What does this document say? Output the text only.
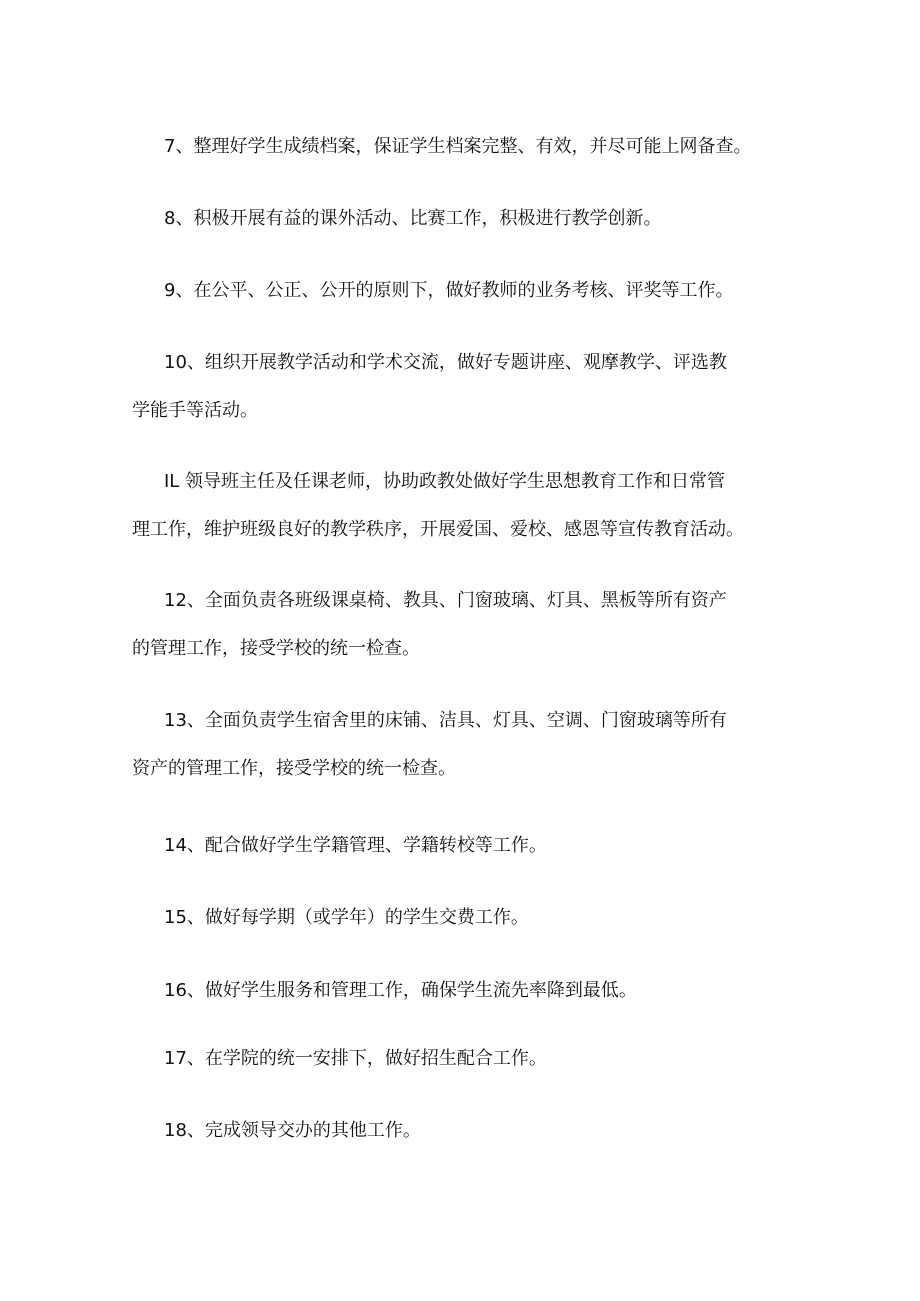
7、整理好学生成绩档案，保证学生档案完整、有效，并尽可能上网备查。

8、积极开展有益的课外活动、比赛工作，积极进行教学创新。

9、在公平、公正、公开的原则下，做好教师的业务考核、评奖等工作。

10、组织开展教学活动和学术交流，做好专题讲座、观摩教学、评选教
学能手等活动。

IL 领导班主任及任课老师，协助政教处做好学生思想教育工作和日常管
理工作，维护班级良好的教学秩序，开展爱国、爱校、感恩等宣传教育活动。

12、全面负责各班级课桌椅、教具、门窗玻璃、灯具、黑板等所有资产
的管理工作，接受学校的统一检查。

13、全面负责学生宿舍里的床铺、洁具、灯具、空调、门窗玻璃等所有
资产的管理工作，接受学校的统一检查。

14、配合做好学生学籍管理、学籍转校等工作。

15、做好每学期（或学年）的学生交费工作。

16、做好学生服务和管理工作，确保学生流先率降到最低。

17、在学院的统一安排下，做好招生配合工作。

18、完成领导交办的其他工作。
